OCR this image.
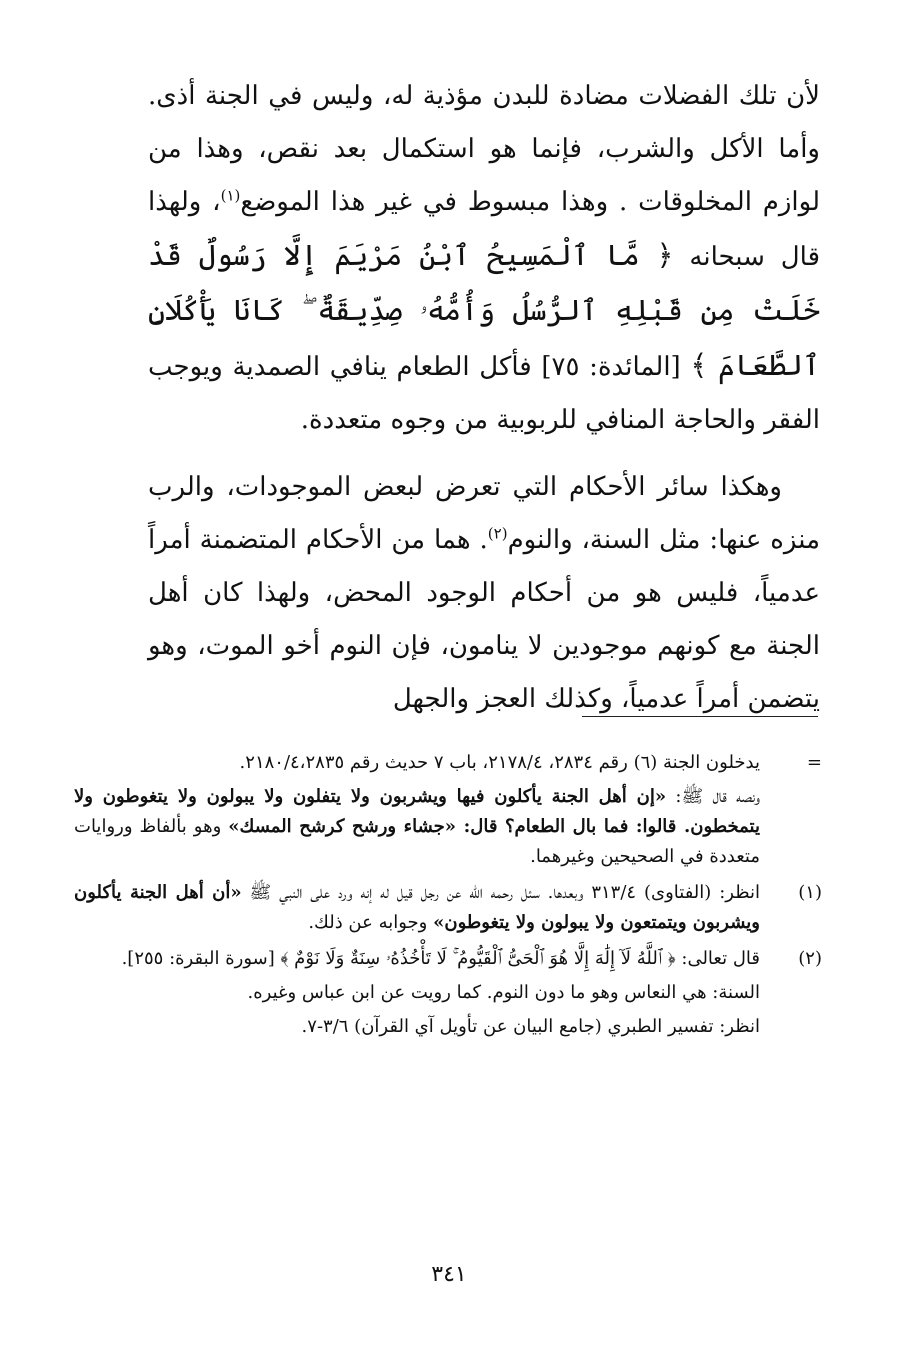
لأن تلك الفضلات مضادة للبدن مؤذية له، وليس في الجنة أذى. وأما الأكل والشرب، فإنما هو استكمال بعد نقص، وهذا من لوازم المخلوقات . وهذا مبسوط في غير هذا الموضع$^{(١)}$، ولهذا قال سبحانه ﴿ مَّا ٱلْمَسِيحُ ٱبْنُ مَرْيَمَ إِلَّا رَسُولٌ قَدْ خَلَتْ مِن قَبْلِهِ ٱلرُّسُلُ وَأُمُّهُۥ صِدِّيقَةٌ ۖ كَانَا يَأْكُلَانِ ٱلطَّعَامَ ﴾ [المائدة: ٧٥] فأكل الطعام ينافي الصمدية ويوجب الفقر والحاجة المنافي للربوبية من وجوه متعددة.

وهكذا سائر الأحكام التي تعرض لبعض الموجودات، والرب منزه عنها: مثل السنة، والنوم$^{(٢)}$. هما من الأحكام المتضمنة أمراً عدمياً، فليس هو من أحكام الوجود المحض، ولهذا كان أهل الجنة مع كونهم موجودين لا ينامون، فإن النوم أخو الموت، وهو يتضمن أمراً عدمياً، وكذلك العجز والجهل

=

يدخلون الجنة (٦) رقم ٢٨٣٤، ٢١٧٨/٤، باب ٧ حديث رقم ٢١٨٠/٤،٢٨٣٥.

ونصه قال ﷺ: «إن أهل الجنة يأكلون فيها ويشربون ولا يتفلون ولا يبولون ولا يتغوطون ولا يتمخطون. قالوا: فما بال الطعام؟ قال: «جشاء ورشح كرشح المسك» وهو بألفاظ وروايات متعددة في الصحيحين وغيرهما.

(١)

انظر: (الفتاوى) ٣١٣/٤ وبعدها. سئل رحمه الله عن رجل قيل له إنه ورد على النبي ﷺ «أن أهل الجنة يأكلون ويشربون ويتمتعون ولا يبولون ولا يتغوطون» وجوابه عن ذلك.

(٢)

قال تعالى: ﴿ ٱللَّهُ لَآ إِلَٰهَ إِلَّا هُوَ ٱلْحَىُّ ٱلْقَيُّومُ ۚ لَا تَأْخُذُهُۥ سِنَةٌ وَلَا نَوْمٌ ﴾ [سورة البقرة: ٢٥٥].

السنة: هي النعاس وهو ما دون النوم. كما رويت عن ابن عباس وغيره.

انظر: تفسير الطبري (جامع البيان عن تأويل آي القرآن) ٣/٦-٧.

٣٤١
